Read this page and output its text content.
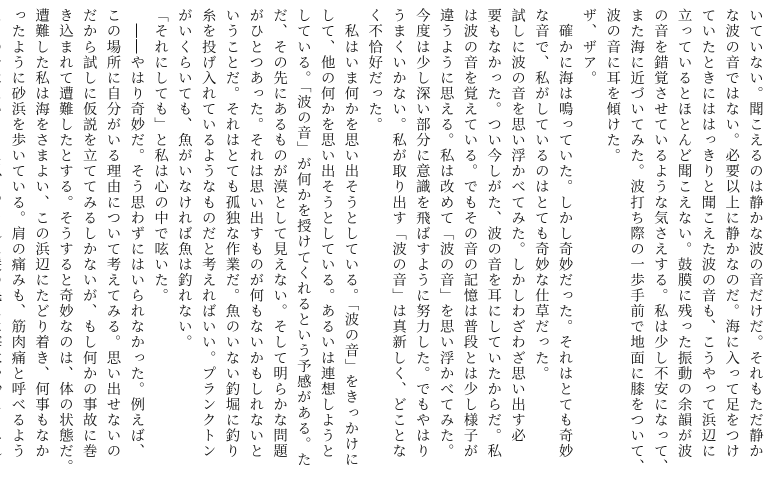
いていない。聞こえるのは静かな波の音だけだ。それもただ静か
な波の音ではない。必要以上に静かなのだ。海に入って足をつけ
ていたときにははっきりと聞こえた波の音も、こうやって浜辺に
立っているとほとんど聞こえない。鼓膜に残った振動の余韻が波
の音を錯覚させているような気さえする。私は少し不安になって、
また海に近づいてみた。波打ち際の一歩手前で地面に膝をついて、
波の音に耳を傾けた。
ザ、ザア。
　確かに海は鳴っていた。しかし奇妙だった。それはとても奇妙
な音で、私がしているのはとても奇妙な仕草だった。
試しに波の音を思い浮かべてみた。しかしわざわざ思い出す必
要もなかった。つい今しがた、波の音を耳にしていたからだ。私
は波の音を覚えている。でもその音の記憶は普段とは少し様子が
違うように思える。私は改めて「波の音」を思い浮かべてみた。
今度は少し深い部分に意識を飛ばすように努力した。でもやはり
うまくいかない。私が取り出す「波の音」は真新しく、どことな
く不恰好だった。
　私はいま何かを思い出そうとしている。「波の音」をきっかけに
して、他の何かを思い出そうとしている。あるいは連想しようと
している。「波の音」が何かを授けてくれるという予感がある。た
だ、その先にあるものが漠として見えない。そして明らかな問題
がひとつあった。それは思い出すものが何もないかもしれないと
いうことだ。それはとても孤独な作業だ。魚のいない釣堀に釣り
糸を投げ入れているようなものだと考えればいい。プランクトン
がいくらいても、魚がいなければ魚は釣れない。
「それにしても」と私は心の中で呟いた。
　――やはり奇妙だ。そう思わずにはいられなかった。例えば、
この場所に自分がいる理由について考えてみる。思い出せないの
だから試しに仮説を立ててみるしかないが、もし何かの事故に巻
き込まれて遭難したとする。そうすると奇妙なのは、体の状態だ。
遭難した私は海をさまよい、この浜辺にたどり着き、何事もなか
ったように砂浜を歩いている。肩の痛みも、筋肉痛と呼べるよう
